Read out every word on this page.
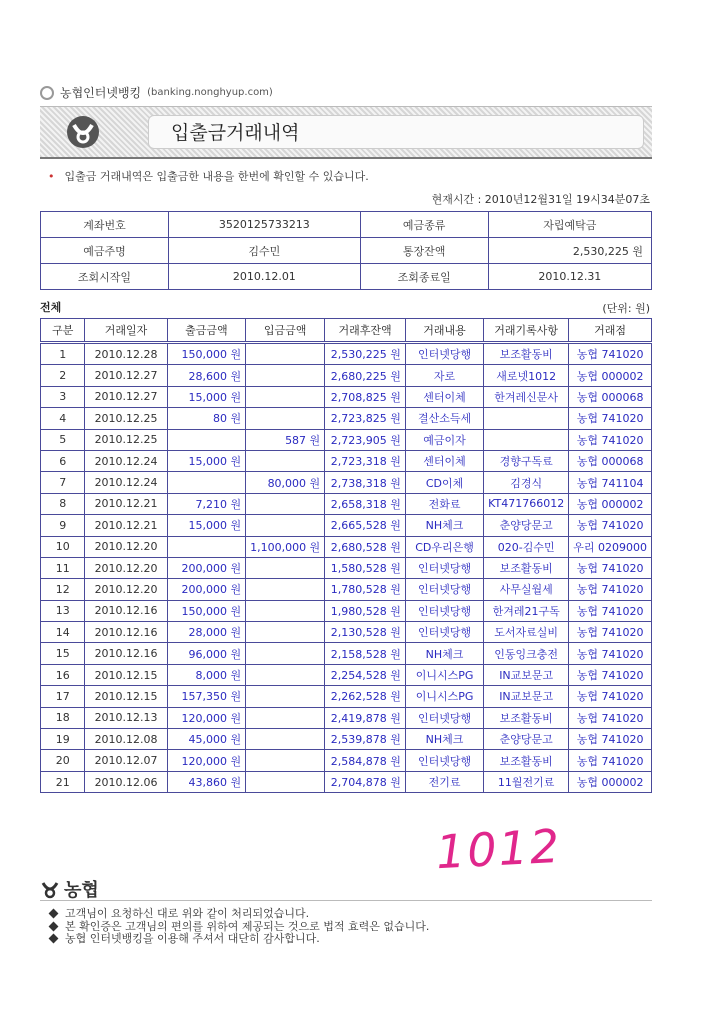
농협인터넷뱅킹 (banking.nonghyup.com)
입출금거래내역
• 입출금 거래내역은 입출금한 내용을 한번에 확인할 수 있습니다.
현재시간 : 2010년12월31일 19시34분07초
계좌번호	3520125733213	예금종류	자립예탁금
예금주명	김수민	통장잔액	2,530,225 원
조회시작일	2010.12.01	조회종료일	2010.12.31
전체	(단위: 원)
구분	거래일자	출금금액	입금금액	거래후잔액	거래내용	거래기록사항	거래점
1	2010.12.28	150,000 원		2,530,225 원	인터넷당행	보조활동비	농협 741020
2	2010.12.27	28,600 원		2,680,225 원	자로	새로넷1012	농협 000002
3	2010.12.27	15,000 원		2,708,825 원	센터이체	한겨레신문사	농협 000068
4	2010.12.25	80 원		2,723,825 원	결산소득세		농협 741020
5	2010.12.25		587 원	2,723,905 원	예금이자		농협 741020
6	2010.12.24	15,000 원		2,723,318 원	센터이체	경향구독료	농협 000068
7	2010.12.24		80,000 원	2,738,318 원	CD이체	김경식	농협 741104
8	2010.12.21	7,210 원		2,658,318 원	전화료	KT471766012	농협 000002
9	2010.12.21	15,000 원		2,665,528 원	NH체크	춘양당문고	농협 741020
10	2010.12.20		1,100,000 원	2,680,528 원	CD우리은행	020-김수민	우리 0209000
11	2010.12.20	200,000 원		1,580,528 원	인터넷당행	보조활동비	농협 741020
12	2010.12.20	200,000 원		1,780,528 원	인터넷당행	사무실월세	농협 741020
13	2010.12.16	150,000 원		1,980,528 원	인터넷당행	한겨레21구독	농협 741020
14	2010.12.16	28,000 원		2,130,528 원	인터넷당행	도서자료실비	농협 741020
15	2010.12.16	96,000 원		2,158,528 원	NH체크	인동잉크충전	농협 741020
16	2010.12.15	8,000 원		2,254,528 원	이니시스PG	IN교보문고	농협 741020
17	2010.12.15	157,350 원		2,262,528 원	이니시스PG	IN교보문고	농협 741020
18	2010.12.13	120,000 원		2,419,878 원	인터넷당행	보조활동비	농협 741020
19	2010.12.08	45,000 원		2,539,878 원	NH체크	춘양당문고	농협 741020
20	2010.12.07	120,000 원		2,584,878 원	인터넷당행	보조활동비	농협 741020
21	2010.12.06	43,860 원		2,704,878 원	전기료	11월전기료	농협 000002
1012
농협
고객님이 요청하신 대로 위와 같이 처리되었습니다.
본 확인증은 고객님의 편의를 위하여 제공되는 것으로 법적 효력은 없습니다.
농협 인터넷뱅킹을 이용해 주셔서 대단히 감사합니다.
